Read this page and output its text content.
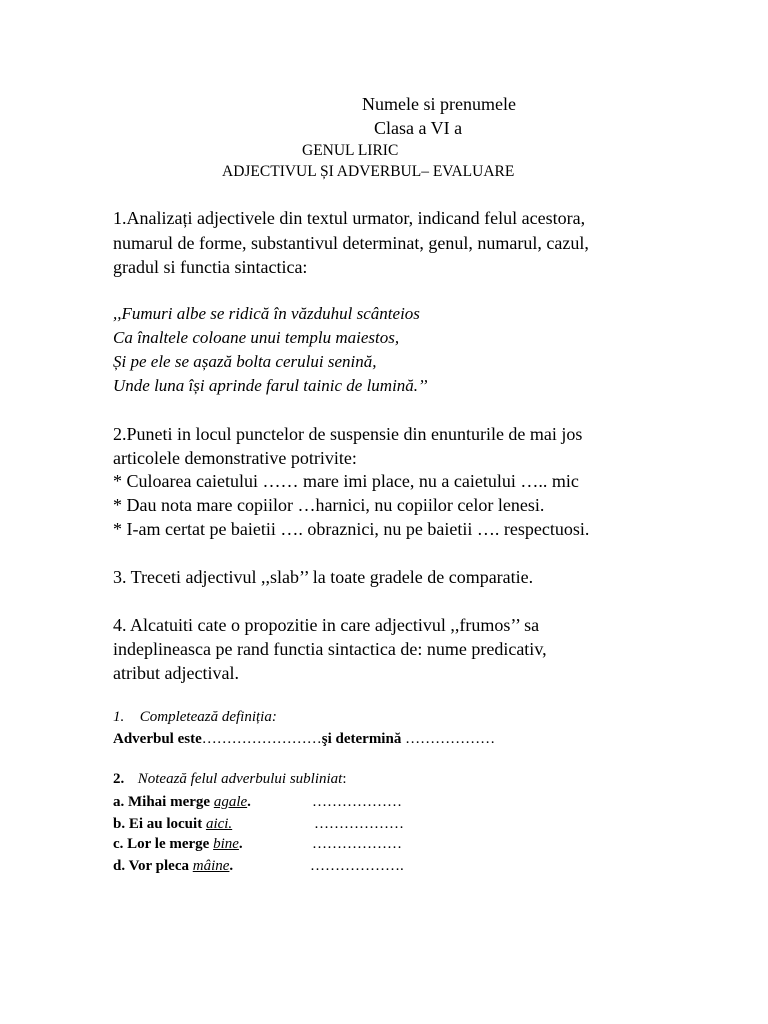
Numele si prenumele
Clasa a VI a
GENUL LIRIC
ADJECTIVUL ȘI ADVERBUL– EVALUARE
1.Analizați adjectivele din textul urmator, indicand felul acestora,
numarul de forme, substantivul determinat, genul, numarul, cazul,
gradul si functia sintactica:
,,Fumuri albe se ridică în văzduhul scânteios
Ca înaltele coloane unui templu maiestos,
Și pe ele se așază bolta cerului senină,
Unde luna își aprinde farul tainic de lumină.’’
2.Puneti in locul punctelor de suspensie din enunturile de mai jos
articolele demonstrative potrivite:
* Culoarea caietului …… mare imi place, nu a caietului ….. mic
* Dau nota mare copiilor …harnici, nu copiilor celor lenesi.
* I-am certat pe baietii …. obraznici, nu pe baietii …. respectuosi.
3. Treceti adjectivul ,,slab’’ la toate gradele de comparatie.
4. Alcatuiti cate o propozitie in care adjectivul ,,frumos’’ sa
indeplineasca pe rand functia sintactica de: nume predicativ,
atribut adjectival.
1. Completează definiția:
Adverbul este……………………şi determină ………………
2. Notează felul adverbului subliniat:
a. Mihai merge agale.	………………
b. Ei au locuit aici.	………………
c. Lor le merge bine.	………………
d. Vor pleca mâine.	……………….
